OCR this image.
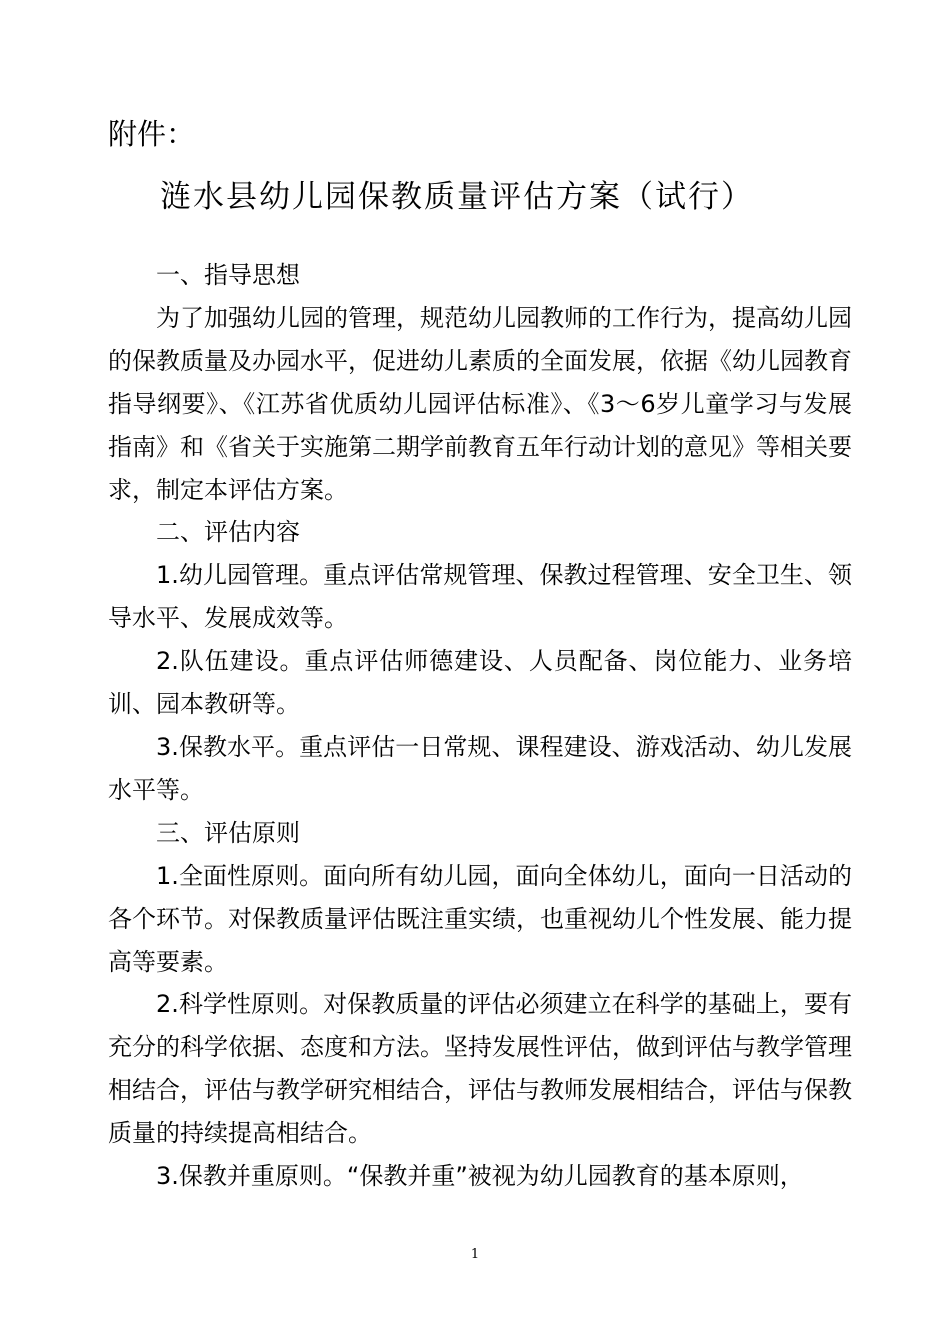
附件：
涟水县幼儿园保教质量评估方案（试行）

一、指导思想

为了加强幼儿园的管理，规范幼儿园教师的工作行为，提高幼儿园的保教质量及办园水平，促进幼儿素质的全面发展，依据《幼儿园教育指导纲要》、《江苏省优质幼儿园评估标准》、《3～6岁儿童学习与发展指南》和《省关于实施第二期学前教育五年行动计划的意见》等相关要求，制定本评估方案。

二、评估内容

1.幼儿园管理。重点评估常规管理、保教过程管理、安全卫生、领导水平、发展成效等。

2.队伍建设。重点评估师德建设、人员配备、岗位能力、业务培训、园本教研等。

3.保教水平。重点评估一日常规、课程建设、游戏活动、幼儿发展水平等。

三、评估原则

1.全面性原则。面向所有幼儿园，面向全体幼儿，面向一日活动的各个环节。对保教质量评估既注重实绩，也重视幼儿个性发展、能力提高等要素。

2.科学性原则。对保教质量的评估必须建立在科学的基础上，要有充分的科学依据、态度和方法。坚持发展性评估，做到评估与教学管理相结合，评估与教学研究相结合，评估与教师发展相结合，评估与保教质量的持续提高相结合。

3.保教并重原则。“保教并重”被视为幼儿园教育的基本原则，

1
